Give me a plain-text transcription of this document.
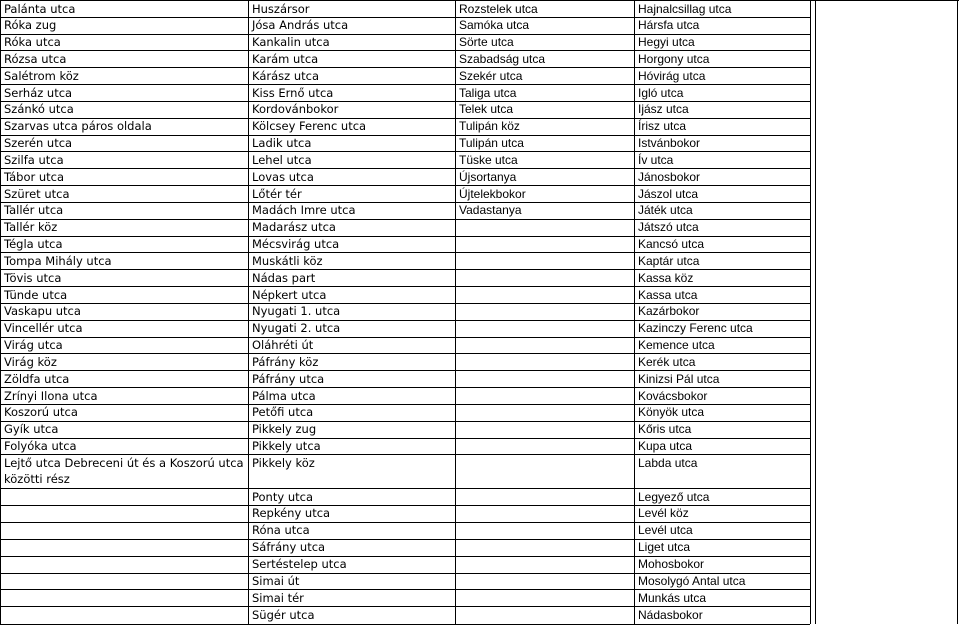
Palánta utca
Róka zug
Róka utca
Rózsa utca
Salétrom köz
Serház utca
Szánkó utca
Szarvas utca páros oldala
Szerén utca
Szilfa utca
Tábor utca
Szüret utca
Tallér utca
Tallér köz
Tégla utca
Tompa Mihály utca
Tövis utca
Tünde utca
Vaskapu utca
Vincellér utca
Virág utca
Virág köz
Zöldfa utca
Zrínyi Ilona utca
Koszorú utca
Gyík utca
Folyóka utca
Lejtő utca Debreceni út és a Koszorú utca közötti rész
Huszársor
Jósa András utca
Kankalin utca
Karám utca
Kárász utca
Kiss Ernő utca
Kordovánbokor
Kölcsey Ferenc utca
Ladik utca
Lehel utca
Lovas utca
Lőtér tér
Madách Imre utca
Madarász utca
Mécsvirág utca
Muskátli köz
Nádas part
Népkert utca
Nyugati 1. utca
Nyugati 2. utca
Oláhréti út
Páfrány köz
Páfrány utca
Pálma utca
Petőfi utca
Pikkely zug
Pikkely utca
Pikkely köz
Ponty utca
Repkény utca
Róna utca
Sáfrány utca
Sertéstelep utca
Simai út
Simai tér
Sügér utca
Rozstelek utca
Samóka utca
Sörte utca
Szabadság utca
Szekér utca
Taliga utca
Telek utca
Tulipán köz
Tulipán utca
Tüske utca
Újsortanya
Újtelekbokor
Vadastanya
Hajnalcsillag utca
Hársfa utca
Hegyi utca
Horgony utca
Hóvirág utca
Igló utca
Ijász utca
Írisz utca
Istvánbokor
Ív utca
Jánosbokor
Jászol utca
Játék utca
Játszó utca
Kancsó utca
Kaptár utca
Kassa köz
Kassa utca
Kazárbokor
Kazinczy Ferenc utca
Kemence utca
Kerék utca
Kinizsi Pál utca
Kovácsbokor
Könyök utca
Kőris utca
Kupa utca
Labda utca
Legyező utca
Levél köz
Levél utca
Liget utca
Mohosbokor
Mosolygó Antal utca
Munkás utca
Nádasbokor
